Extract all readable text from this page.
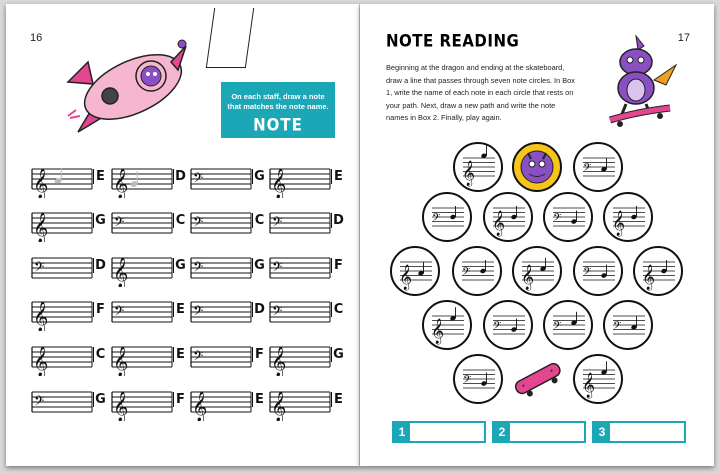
16
On each staff, draw a note that matches the note name.
NOTE PRINTING
𝄞	E 𝄞	D 𝄢	G 𝄞	E
𝄞	G 𝄢	C 𝄢	C 𝄢	D
𝄢	D 𝄞	G 𝄢	G 𝄢	F
𝄞	F 𝄢	E 𝄢	D 𝄢	C
𝄞	C 𝄞	E 𝄢	F 𝄞	G
𝄢	G 𝄞	F 𝄞	E 𝄞	E
17
NOTE READING
Beginning at the dragon and ending at the skateboard, draw a line that passes through seven note circles. In Box 1, write the name of each note in each circle that rests on your path. Next, draw a new path and write the note names in Box 2. Finally, play again.
𝄞	𝄢
𝄢 𝄞	𝄢 𝄞
𝄞	𝄢 𝄞	𝄢 𝄞
𝄞	𝄢	𝄢	𝄢
𝄢	𝄞
1	2	3
